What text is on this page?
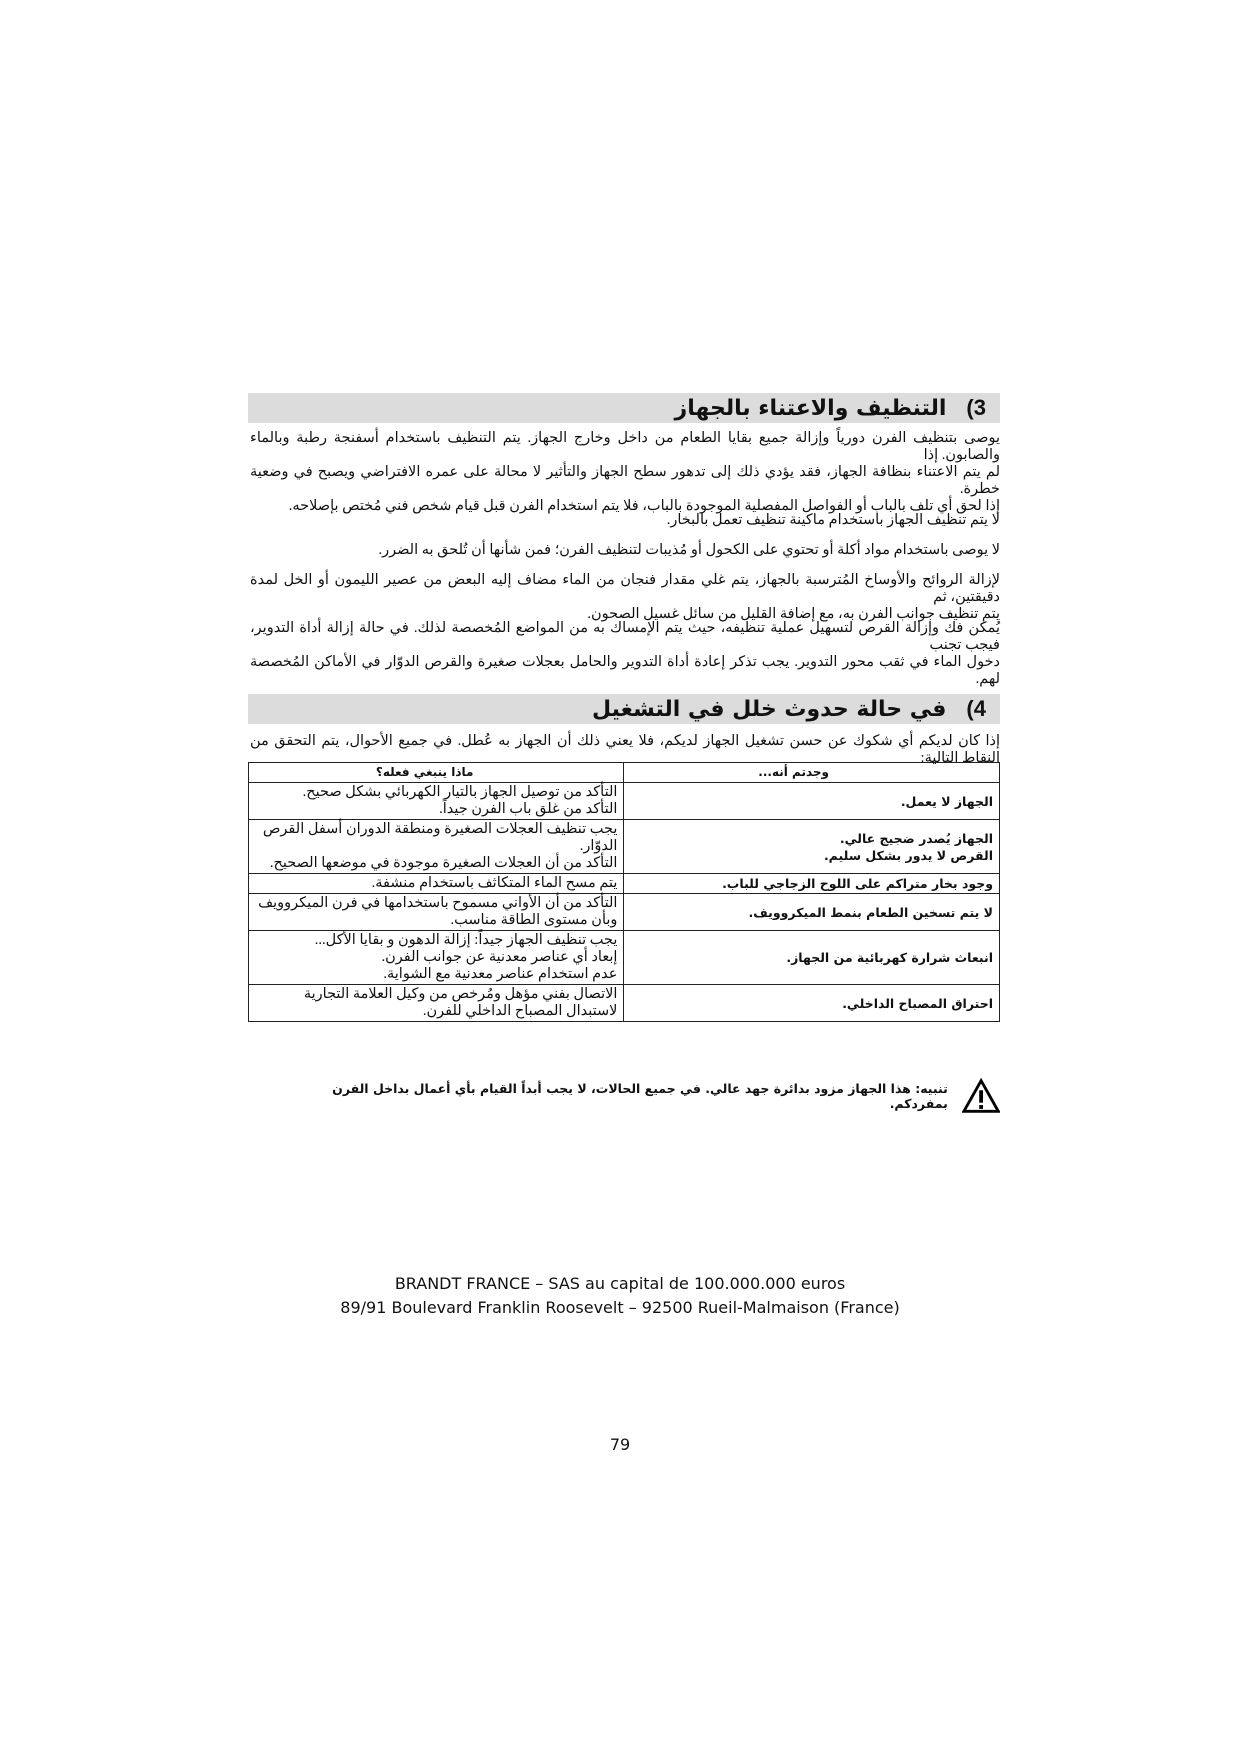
3)
التنظيف والاعتناء بالجهاز
يوصى بتنظيف الفرن دورياً وإزالة جميع بقايا الطعام من داخل وخارج الجهاز. يتم التنظيف باستخدام أسفنجة رطبة وبالماء والصابون. إذا
لم يتم الاعتناء بنظافة الجهاز، فقد يؤدي ذلك إلى تدهور سطح الجهاز والتأثير لا محالة على عمره الافتراضي ويصبح في وضعية خطرة.
إذا لحق أي تلف بالباب أو الفواصل المفصلية الموجودة بالباب، فلا يتم استخدام الفرن قبل قيام شخص فني مُختص بإصلاحه.
لا يتم تنظيف الجهاز باستخدام ماكينة تنظيف تعمل بالبخار.
لا يوصى باستخدام مواد أكلة أو تحتوي على الكحول أو مُذيبات لتنظيف الفرن؛ فمن شأنها أن تُلحق به الضرر.
لإزالة الروائح والأوساخ المُترسبة بالجهاز، يتم غلي مقدار فنجان من الماء مضاف إليه البعض من عصير الليمون أو الخل لمدة دقيقتين، ثم
يتم تنظيف جوانب الفرن به، مع إضافة القليل من سائل غسيل الصحون.
يُمكن فك وإزالة القرص لتسهيل عملية تنظيفه، حيث يتم الإمساك به من المواضع المُخصصة لذلك. في حالة إزالة أداة التدوير، فيجب تجنب
دخول الماء في ثقب محور التدوير. يجب تذكر إعادة أداة التدوير والحامل بعجلات صغيرة والقرص الدوّار في الأماكن المُخصصة لهم.
4)
في حالة حدوث خلل في التشغيل
إذا كان لديكم أي شكوك عن حسن تشغيل الجهاز لديكم، فلا يعني ذلك أن الجهاز به عُطل. في جميع الأحوال، يتم التحقق من النقاط التالية:
وجدتم أنه...	ماذا ينبغي فعله؟

الجهاز لا يعمل.	التأكد من توصيل الجهاز بالتيار الكهربائي بشكل صحيح.
التأكد من غلق باب الفرن جيداً.

الجهاز يُصدر ضجيج عالي.
القرص لا يدور بشكل سليم.	يجب تنظيف العجلات الصغيرة ومنطقة الدوران أسفل القرص الدوّار.
التأكد من أن العجلات الصغيرة موجودة في موضعها الصحيح.

وجود بخار متراكم على اللوح الزجاجي للباب.	يتم مسح الماء المتكاثف باستخدام منشفة.

لا يتم تسخين الطعام بنمط الميكروويف.	التأكد من أن الأواني مسموح باستخدامها في فرن الميكروويف وبأن مستوى الطاقة مناسب.

انبعاث شرارة كهربائية من الجهاز.	يجب تنظيف الجهاز جيداً: إزالة الدهون و بقايا الأكل...
إبعاد أي عناصر معدنية عن جوانب الفرن.
عدم استخدام عناصر معدنية مع الشواية.

احتراق المصباح الداخلي.	الاتصال بفني مؤهل ومُرخص من وكيل العلامة التجارية لاستبدال المصباح الداخلي للفرن.
تنبيه: هذا الجهاز مزود بدائرة جهد عالي. في جميع الحالات، لا يجب أبداً القيام بأي أعمال بداخل الفرن بمفردكم.
BRANDT FRANCE – SAS au capital de 100.000.000 euros
89/91 Boulevard Franklin Roosevelt – 92500 Rueil-Malmaison (France)
79
